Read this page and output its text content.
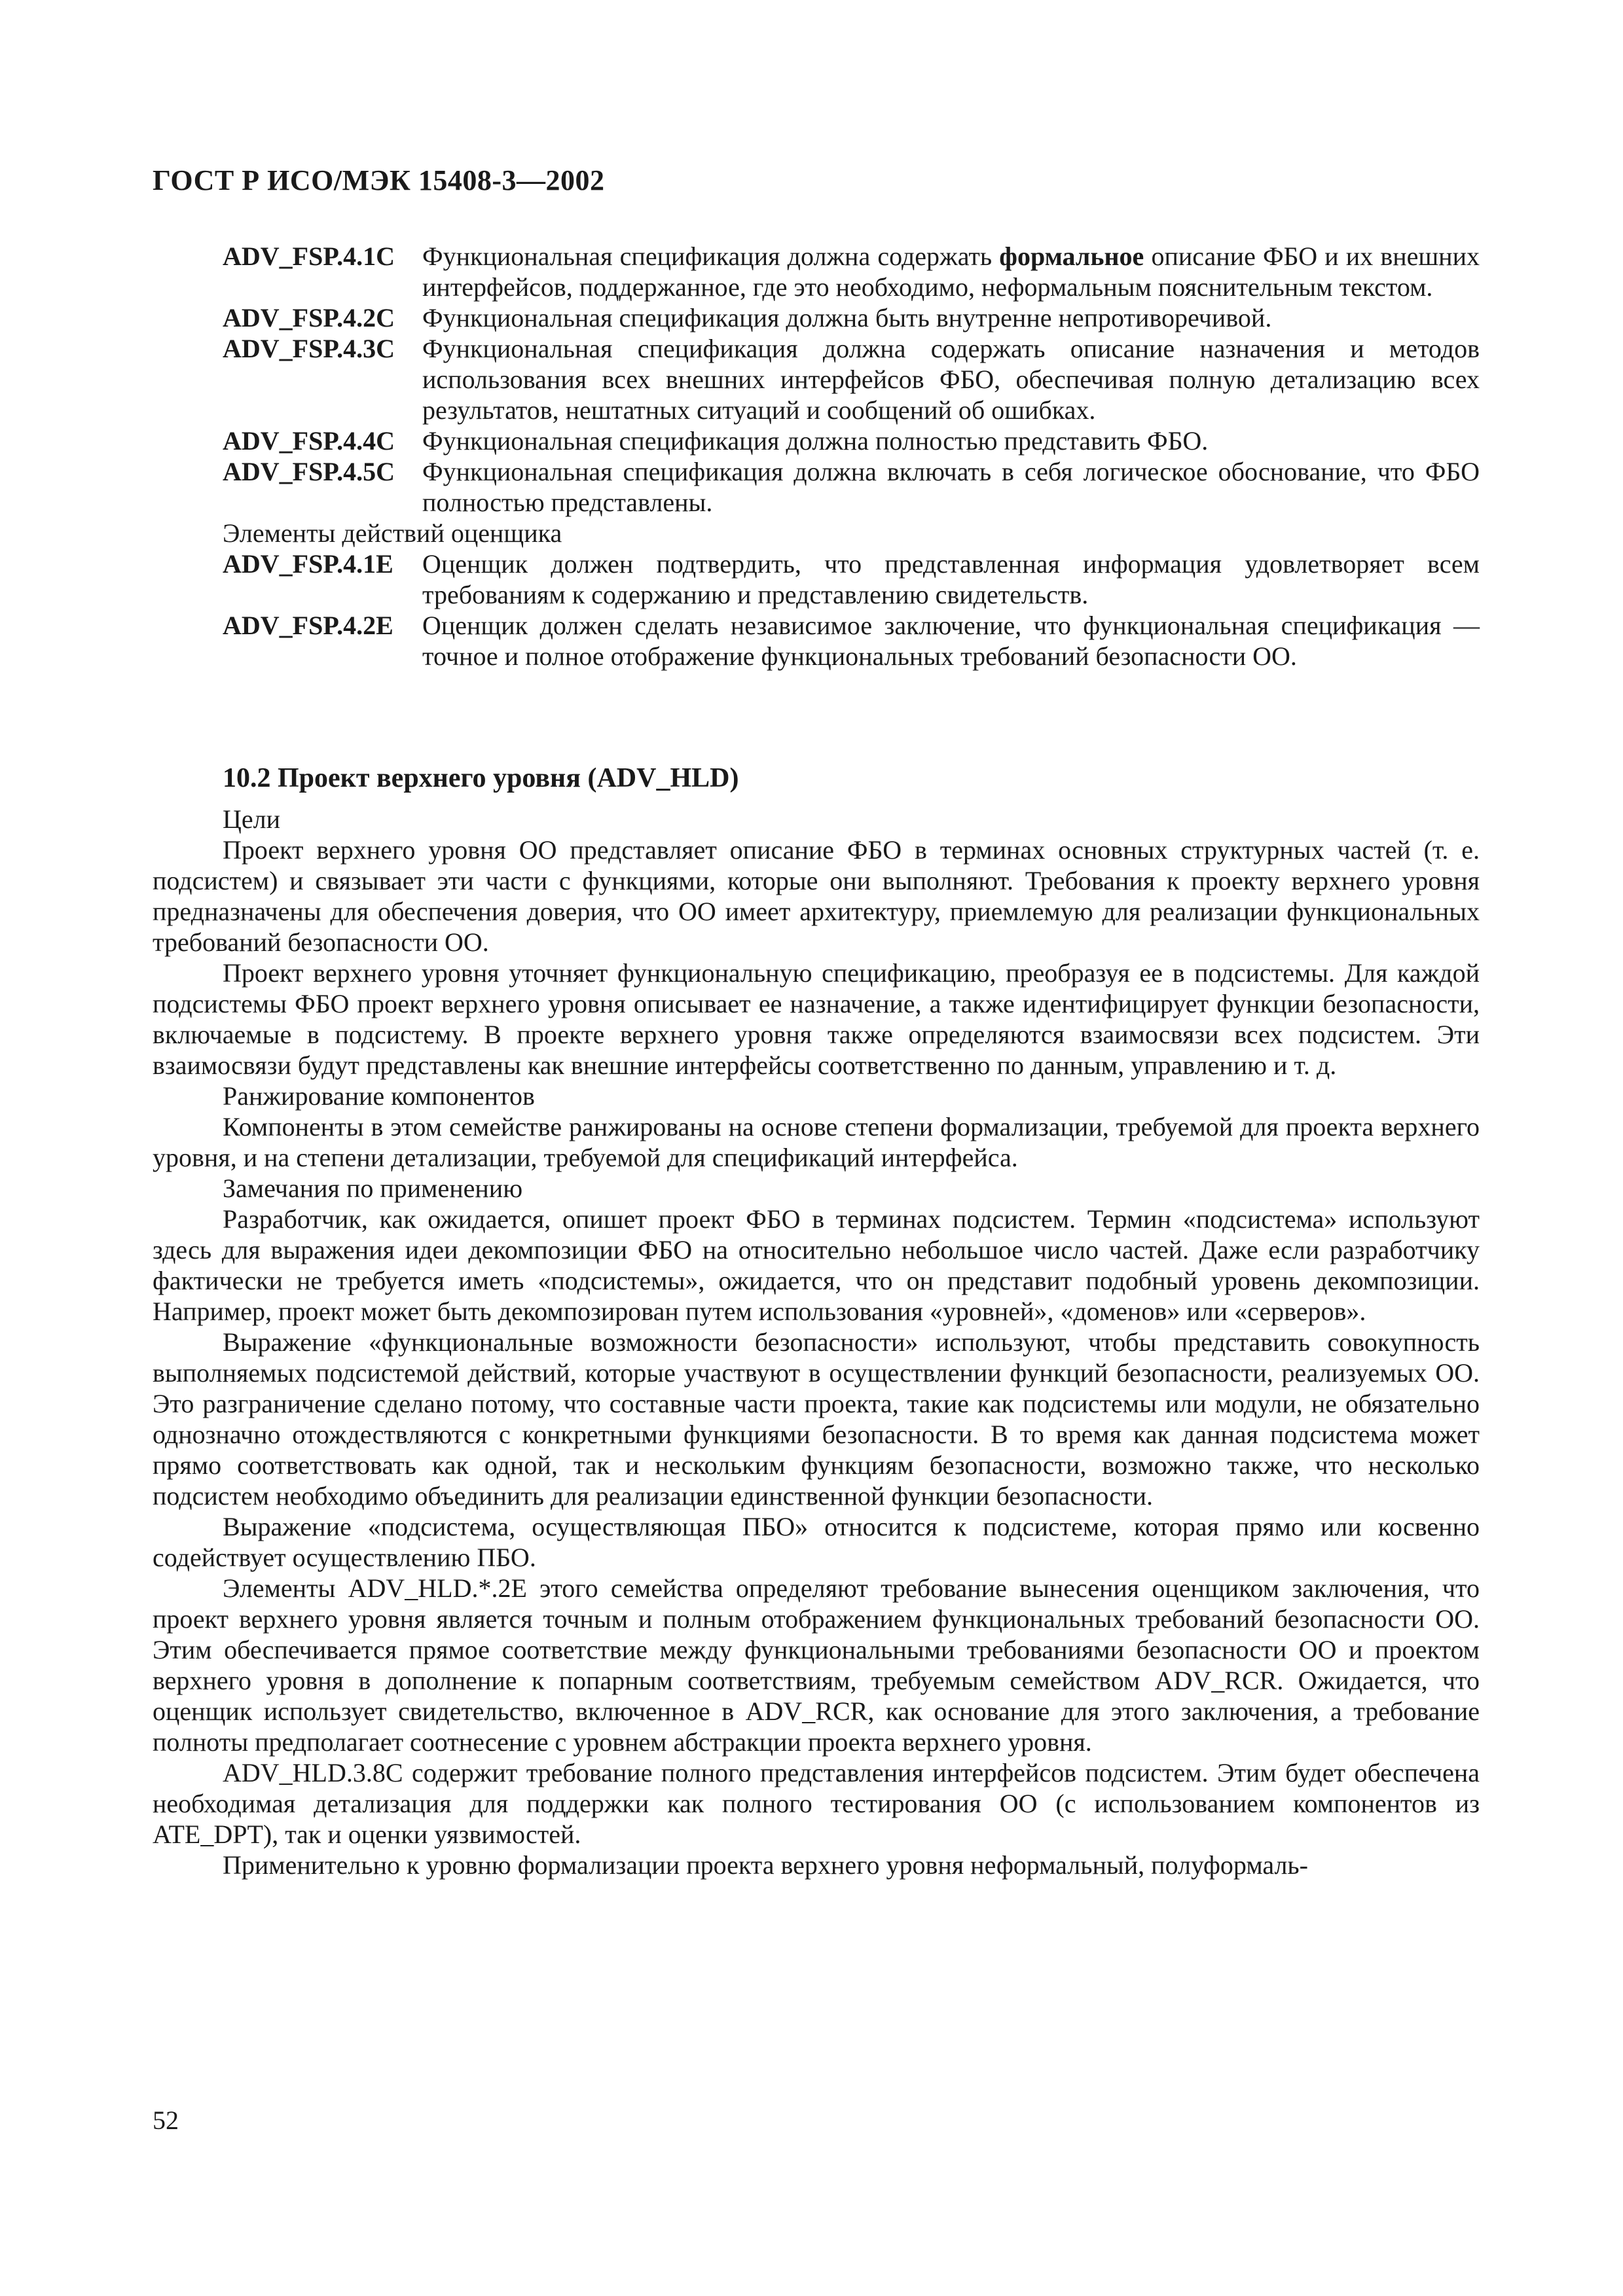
ГОСТ Р ИСО/МЭК 15408-3—2002
ADV_FSP.4.1C	Функциональная спецификация должна содержать формальное описание ФБО и их внешних интерфейсов, поддержанное, где это необходимо, неформальным пояснительным текстом.
ADV_FSP.4.2C	Функциональная спецификация должна быть внутренне непротиворечивой.
ADV_FSP.4.3C	Функциональная спецификация должна содержать описание назначения и методов использования всех внешних интерфейсов ФБО, обеспечивая полную детализацию всех результатов, нештатных ситуаций и сообщений об ошибках.
ADV_FSP.4.4C	Функциональная спецификация должна полностью представить ФБО.
ADV_FSP.4.5C	Функциональная спецификация должна включать в себя логическое обоснование, что ФБО полностью представлены.
Элементы действий оценщика
ADV_FSP.4.1E	Оценщик должен подтвердить, что представленная информация удовлетворяет всем требованиям к содержанию и представлению свидетельств.
ADV_FSP.4.2E	Оценщик должен сделать независимое заключение, что функциональная спецификация — точное и полное отображение функциональных требований безопасности ОО.
10.2 Проект верхнего уровня (ADV_HLD)

Цели

Проект верхнего уровня ОО представляет описание ФБО в терминах основных структурных частей (т. е. подсистем) и связывает эти части с функциями, которые они выполняют. Требования к проекту верхнего уровня предназначены для обеспечения доверия, что ОО имеет архитектуру, приемлемую для реализации функциональных требований безопасности ОО.

Проект верхнего уровня уточняет функциональную спецификацию, преобразуя ее в подсистемы. Для каждой подсистемы ФБО проект верхнего уровня описывает ее назначение, а также идентифицирует функции безопасности, включаемые в подсистему. В проекте верхнего уровня также определяются взаимосвязи всех подсистем. Эти взаимосвязи будут представлены как внешние интерфейсы соответственно по данным, управлению и т. д.

Ранжирование компонентов

Компоненты в этом семействе ранжированы на основе степени формализации, требуемой для проекта верхнего уровня, и на степени детализации, требуемой для спецификаций интерфейса.

Замечания по применению

Разработчик, как ожидается, опишет проект ФБО в терминах подсистем. Термин «подсистема» используют здесь для выражения идеи декомпозиции ФБО на относительно небольшое число частей. Даже если разработчику фактически не требуется иметь «подсистемы», ожидается, что он представит подобный уровень декомпозиции. Например, проект может быть декомпозирован путем использования «уровней», «доменов» или «серверов».

Выражение «функциональные возможности безопасности» используют, чтобы представить совокупность выполняемых подсистемой действий, которые участвуют в осуществлении функций безопасности, реализуемых ОО. Это разграничение сделано потому, что составные части проекта, такие как подсистемы или модули, не обязательно однозначно отождествляются с конкретными функциями безопасности. В то время как данная подсистема может прямо соответствовать как одной, так и нескольким функциям безопасности, возможно также, что несколько подсистем необходимо объединить для реализации единственной функции безопасности.

Выражение «подсистема, осуществляющая ПБО» относится к подсистеме, которая прямо или косвенно содействует осуществлению ПБО.

Элементы ADV_HLD.*.2E этого семейства определяют требование вынесения оценщиком заключения, что проект верхнего уровня является точным и полным отображением функциональных требований безопасности ОО. Этим обеспечивается прямое соответствие между функциональными требованиями безопасности ОО и проектом верхнего уровня в дополнение к попарным соответствиям, требуемым семейством ADV_RCR. Ожидается, что оценщик использует свидетельство, включенное в ADV_RCR, как основание для этого заключения, а требование полноты предполагает соотнесение с уровнем абстракции проекта верхнего уровня.

ADV_HLD.3.8C содержит требование полного представления интерфейсов подсистем. Этим будет обеспечена необходимая детализация для поддержки как полного тестирования ОО (с использованием компонентов из ATE_DPT), так и оценки уязвимостей.

Применительно к уровню формализации проекта верхнего уровня неформальный, полуформаль-

52
